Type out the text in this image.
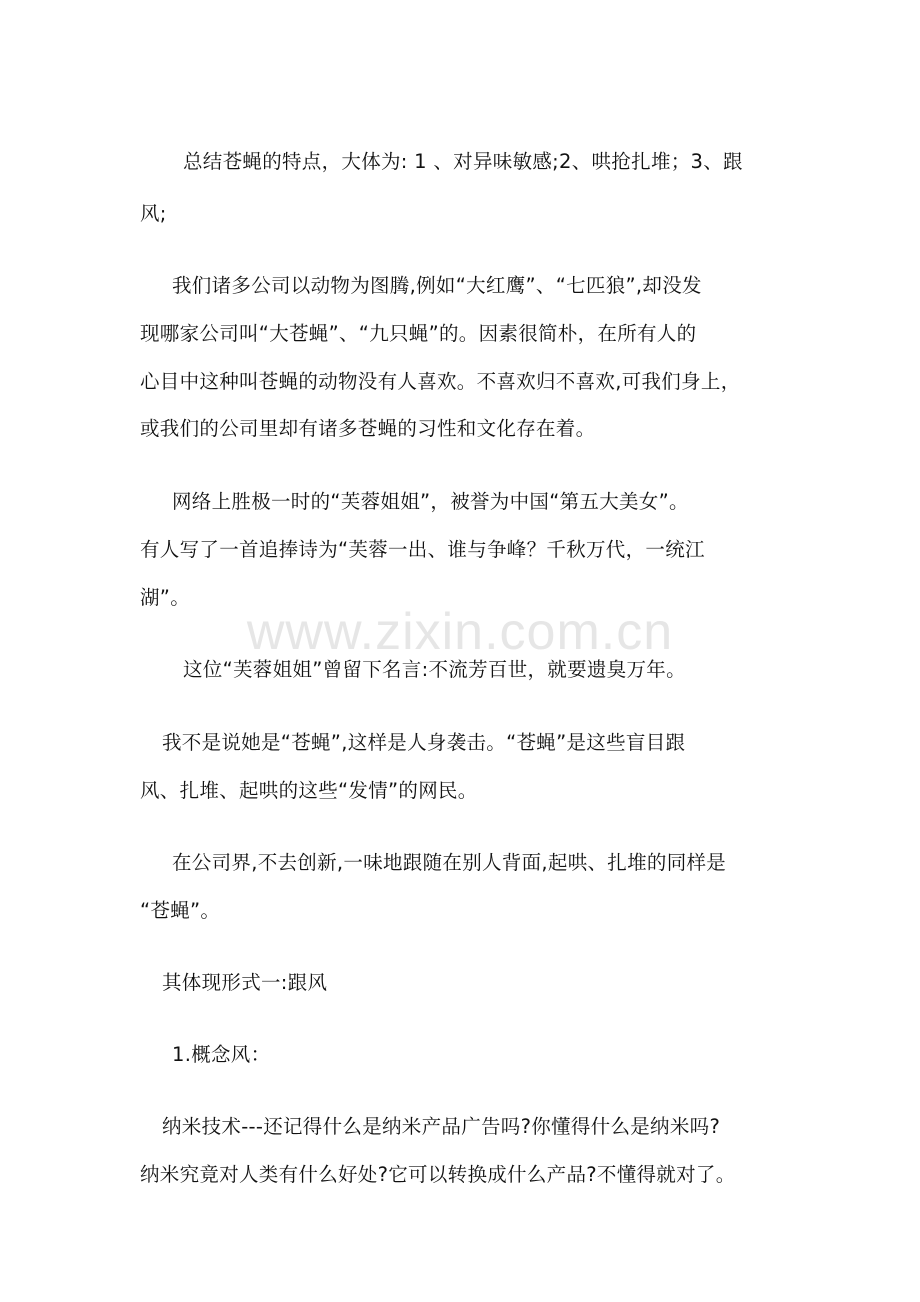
www.zixin.com.cn
总结苍蝇的特点，大体为: 1 、对异味敏感;2、哄抢扎堆；3、跟
风;
我们诸多公司以动物为图腾,例如“大红鹰”、“七匹狼”,却没发
现哪家公司叫“大苍蝇”、“九只蝇”的。因素很简朴，在所有人的
心目中这种叫苍蝇的动物没有人喜欢。不喜欢归不喜欢,可我们身上，
或我们的公司里却有诸多苍蝇的习性和文化存在着。
网络上胜极一时的“芙蓉姐姐”，被誉为中国“第五大美女”。
有人写了一首追捧诗为“芙蓉一出、谁与争峰？千秋万代，一统江
湖”。
这位“芙蓉姐姐”曾留下名言:不流芳百世，就要遗臭万年。
我不是说她是“苍蝇”,这样是人身袭击。“苍蝇”是这些盲目跟
风、扎堆、起哄的这些“发情”的网民。
在公司界,不去创新,一味地跟随在别人背面,起哄、扎堆的同样是
“苍蝇”。
其体现形式一:跟风
1.概念风：
纳米技术---还记得什么是纳米产品广告吗?你懂得什么是纳米吗?
纳米究竟对人类有什么好处?它可以转换成什么产品?不懂得就对了。
